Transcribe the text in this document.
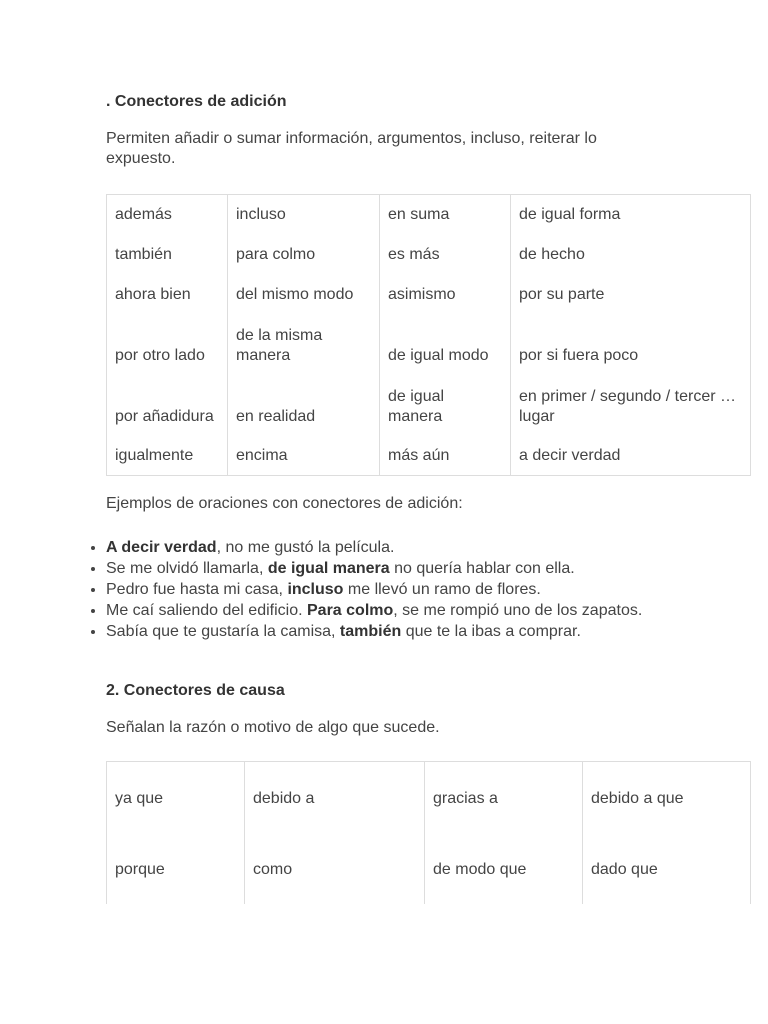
. Conectores de adición

Permiten añadir o sumar información, argumentos, incluso, reiterar lo expuesto.

además	incluso	en suma	de igual forma
también	para colmo	es más	de hecho
ahora bien	del mismo modo	asimismo	por su parte
por otro lado	de la misma manera	de igual modo	por si fuera poco
por añadidura	en realidad	de igual manera	en primer / segundo / tercer … lugar
igualmente	encima	más aún	a decir verdad

Ejemplos de oraciones con conectores de adición:

• A decir verdad, no me gustó la película.
• Se me olvidó llamarla, de igual manera no quería hablar con ella.
• Pedro fue hasta mi casa, incluso me llevó un ramo de flores.
• Me caí saliendo del edificio. Para colmo, se me rompió uno de los zapatos.
• Sabía que te gustaría la camisa, también que te la ibas a comprar.
2. Conectores de causa

Señalan la razón o motivo de algo que sucede.

ya que	debido a	gracias a	debido a que
porque	como	de modo que	dado que
